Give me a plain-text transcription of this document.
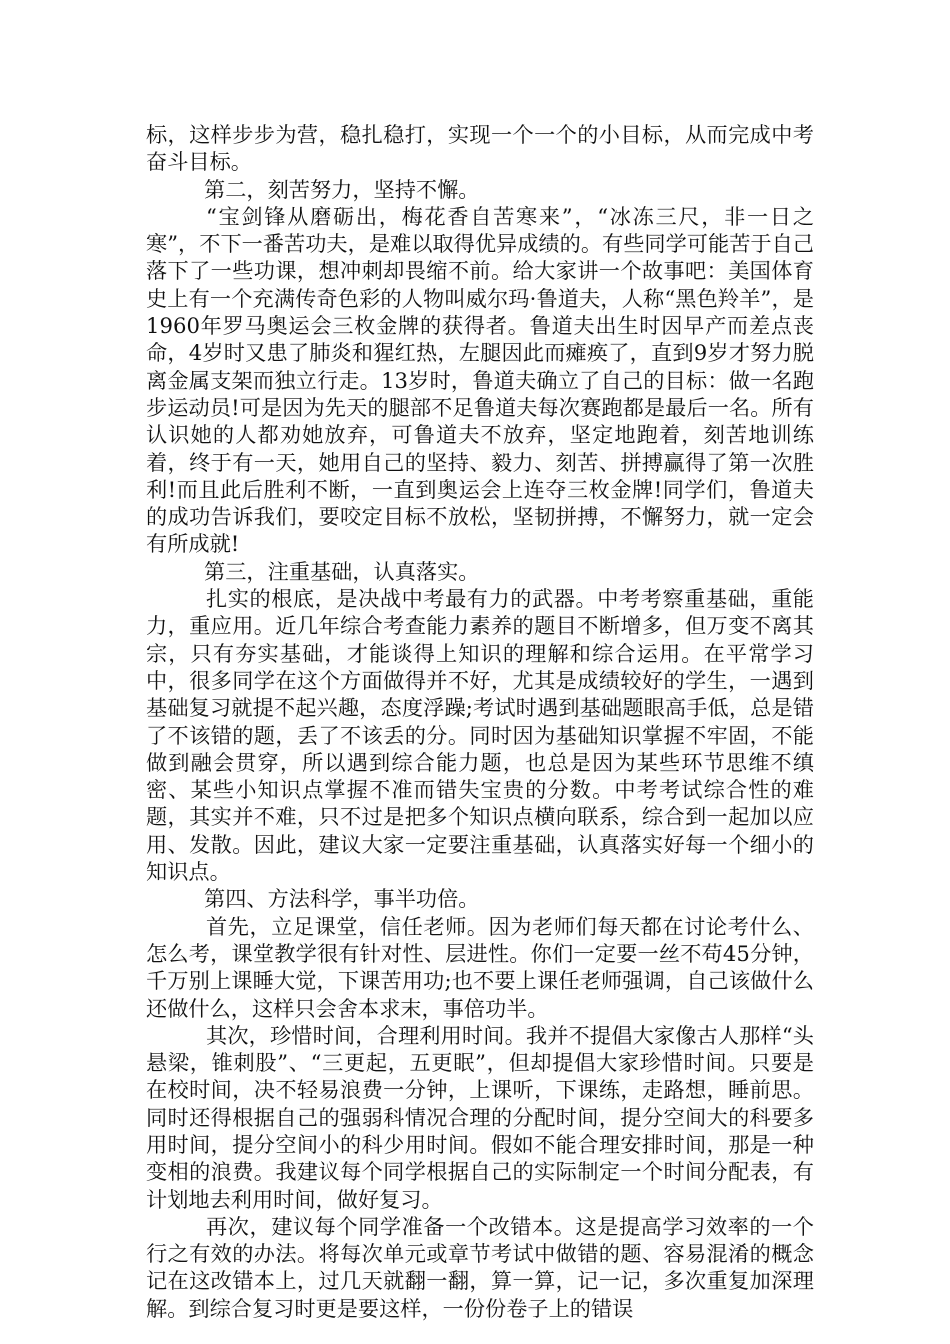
标，这样步步为营，稳扎稳打，实现一个一个的小目标，从而完成中考奋斗目标。

第二，刻苦努力，坚持不懈。

“宝剑锋从磨砺出，梅花香自苦寒来”，“冰冻三尺，非一日之寒”，不下一番苦功夫，是难以取得优异成绩的。有些同学可能苦于自己落下了一些功课，想冲刺却畏缩不前。给大家讲一个故事吧：美国体育史上有一个充满传奇色彩的人物叫威尔玛·鲁道夫，人称“黑色羚羊”，是1960年罗马奥运会三枚金牌的获得者。鲁道夫出生时因早产而差点丧命，4岁时又患了肺炎和猩红热，左腿因此而瘫痪了，直到9岁才努力脱离金属支架而独立行走。13岁时，鲁道夫确立了自己的目标：做一名跑步运动员!可是因为先天的腿部不足鲁道夫每次赛跑都是最后一名。所有认识她的人都劝她放弃，可鲁道夫不放弃，坚定地跑着，刻苦地训练着，终于有一天，她用自己的坚持、毅力、刻苦、拼搏赢得了第一次胜利!而且此后胜利不断，一直到奥运会上连夺三枚金牌!同学们，鲁道夫的成功告诉我们，要咬定目标不放松，坚韧拼搏，不懈努力，就一定会有所成就!

第三，注重基础，认真落实。

扎实的根底，是决战中考最有力的武器。中考考察重基础，重能力，重应用。近几年综合考查能力素养的题目不断增多，但万变不离其宗，只有夯实基础，才能谈得上知识的理解和综合运用。在平常学习中，很多同学在这个方面做得并不好，尤其是成绩较好的学生，一遇到基础复习就提不起兴趣，态度浮躁;考试时遇到基础题眼高手低，总是错了不该错的题，丢了不该丢的分。同时因为基础知识掌握不牢固，不能做到融会贯穿，所以遇到综合能力题，也总是因为某些环节思维不缜密、某些小知识点掌握不准而错失宝贵的分数。中考考试综合性的难题，其实并不难，只不过是把多个知识点横向联系，综合到一起加以应用、发散。因此，建议大家一定要注重基础，认真落实好每一个细小的知识点。

第四、方法科学，事半功倍。

首先，立足课堂，信任老师。因为老师们每天都在讨论考什么、怎么考，课堂教学很有针对性、层进性。你们一定要一丝不苟45分钟，千万别上课睡大觉，下课苦用功;也不要上课任老师强调，自己该做什么还做什么，这样只会舍本求末，事倍功半。

其次，珍惜时间，合理利用时间。我并不提倡大家像古人那样“头悬梁，锥刺股”、“三更起，五更眠”，但却提倡大家珍惜时间。只要是在校时间，决不轻易浪费一分钟，上课听，下课练，走路想，睡前思。同时还得根据自己的强弱科情况合理的分配时间，提分空间大的科要多用时间，提分空间小的科少用时间。假如不能合理安排时间，那是一种变相的浪费。我建议每个同学根据自己的实际制定一个时间分配表，有计划地去利用时间，做好复习。

再次，建议每个同学准备一个改错本。这是提高学习效率的一个行之有效的办法。将每次单元或章节考试中做错的题、容易混淆的概念记在这改错本上，过几天就翻一翻，算一算，记一记，多次重复加深理解。到综合复习时更是要这样，一份份卷子上的错误
